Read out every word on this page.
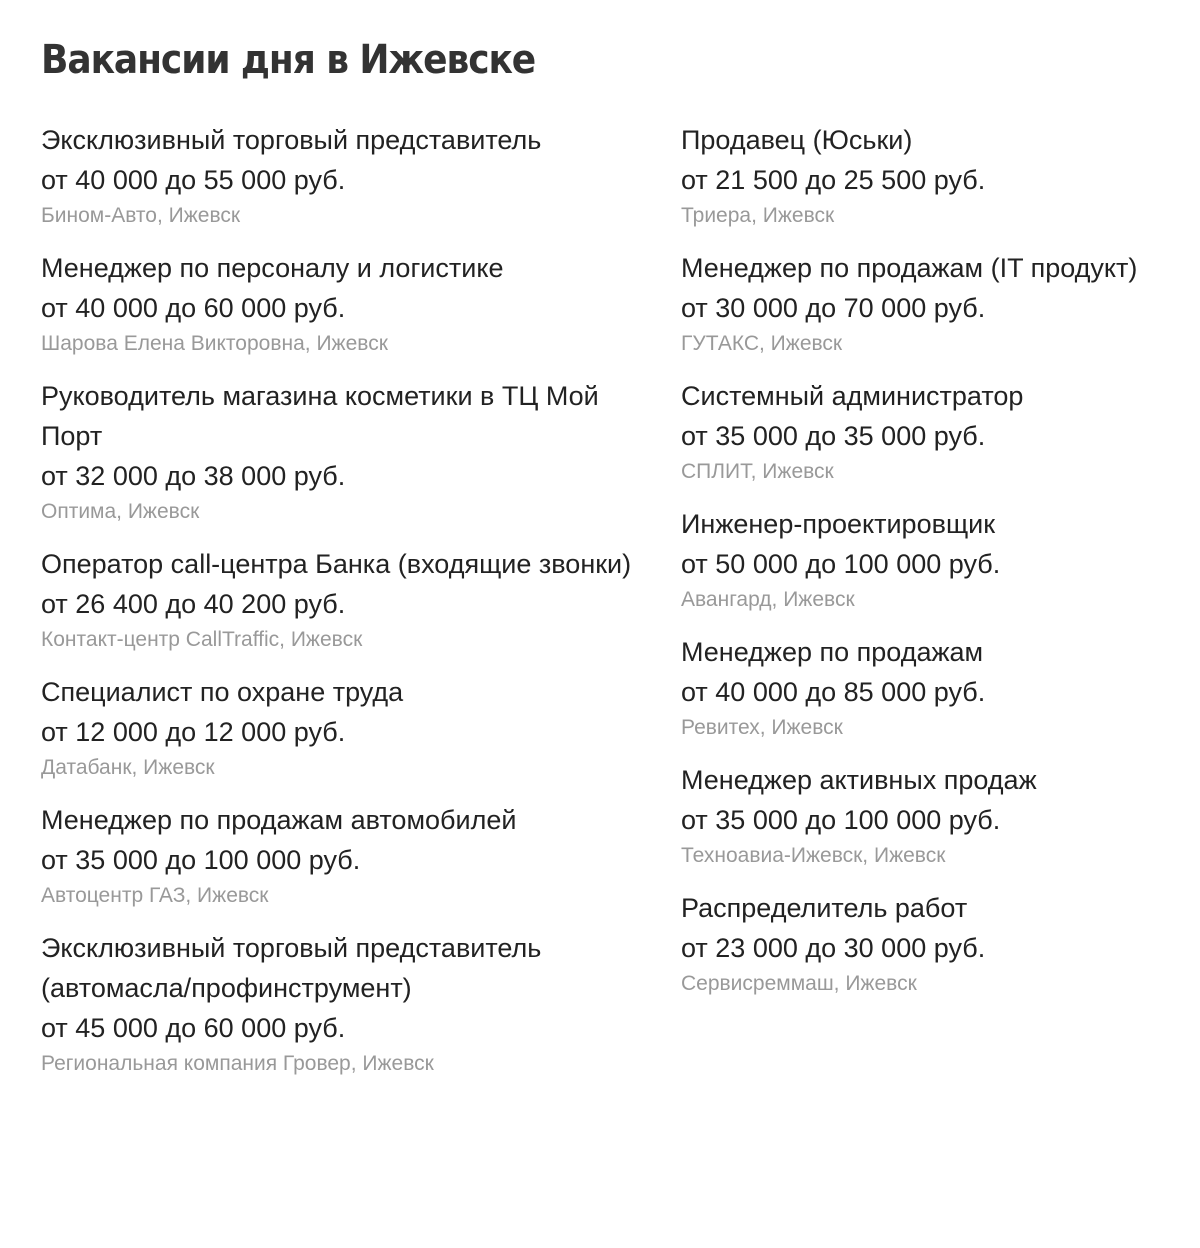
Вакансии дня в Ижевске
Эксклюзивный торговый представитель
от 40 000 до 55 000 руб.
Бином-Авто, Ижевск
Менеджер по персоналу и логистике
от 40 000 до 60 000 руб.
Шарова Елена Викторовна, Ижевск
Руководитель магазина косметики в ТЦ Мой Порт
от 32 000 до 38 000 руб.
Оптима, Ижевск
Оператор call-центра Банка (входящие звонки)
от 26 400 до 40 200 руб.
Контакт-центр CallTraffic, Ижевск
Специалист по охране труда
от 12 000 до 12 000 руб.
Датабанк, Ижевск
Менеджер по продажам автомобилей
от 35 000 до 100 000 руб.
Автоцентр ГАЗ, Ижевск
Эксклюзивный торговый представитель (автомасла/профинструмент)
от 45 000 до 60 000 руб.
Региональная компания Гровер, Ижевск
Продавец (Юськи)
от 21 500 до 25 500 руб.
Триера, Ижевск
Менеджер по продажам (IT продукт)
от 30 000 до 70 000 руб.
ГУТАКС, Ижевск
Системный администратор
от 35 000 до 35 000 руб.
СПЛИТ, Ижевск
Инженер-проектировщик
от 50 000 до 100 000 руб.
Авангард, Ижевск
Менеджер по продажам
от 40 000 до 85 000 руб.
Ревитех, Ижевск
Менеджер активных продаж
от 35 000 до 100 000 руб.
Техноавиа-Ижевск, Ижевск
Распределитель работ
от 23 000 до 30 000 руб.
Сервисреммаш, Ижевск
